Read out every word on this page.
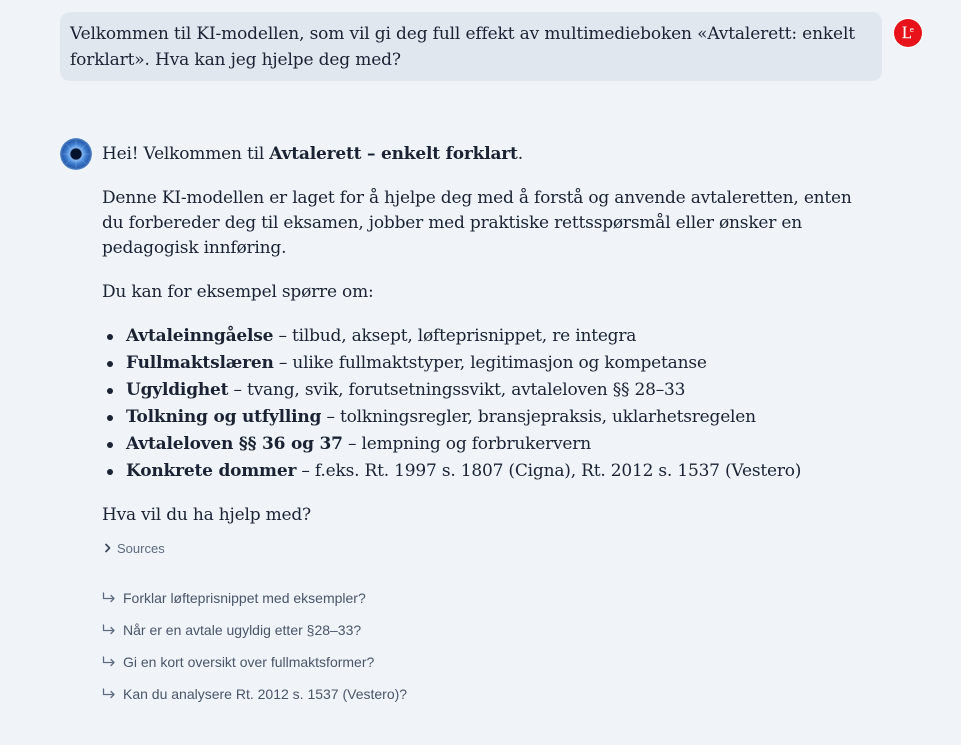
Velkommen til KI-modellen, som vil gi deg full effekt av multimedieboken «Avtalerett: enkelt forklart». Hva kan jeg hjelpe deg med?
e

Hei! Velkommen til Avtalerett – enkelt forklart.

Denne KI-modellen er laget for å hjelpe deg med å forstå og anvende avtaleretten, enten du forbereder deg til eksamen, jobber med praktiske rettsspørsmål eller ønsker en pedagogisk innføring.

Du kan for eksempel spørre om:

Avtaleinngåelse – tilbud, aksept, løfteprisnippet, re integra
Fullmaktslæren – ulike fullmaktstyper, legitimasjon og kompetanse
Ugyldighet – tvang, svik, forutsetningssvikt, avtaleloven §§ 28–33
Tolkning og utfylling – tolkningsregler, bransjepraksis, uklarhetsregelen
Avtaleloven §§ 36 og 37 – lempning og forbrukervern
Konkrete dommer – f.eks. Rt. 1997 s. 1807 (Cigna), Rt. 2012 s. 1537 (Vestero)

Hva vil du ha hjelp med?

Sources
Forklar løfteprisnippet med eksempler?
Når er en avtale ugyldig etter §28–33?
Gi en kort oversikt over fullmaktsformer?
Kan du analysere Rt. 2012 s. 1537 (Vestero)?
